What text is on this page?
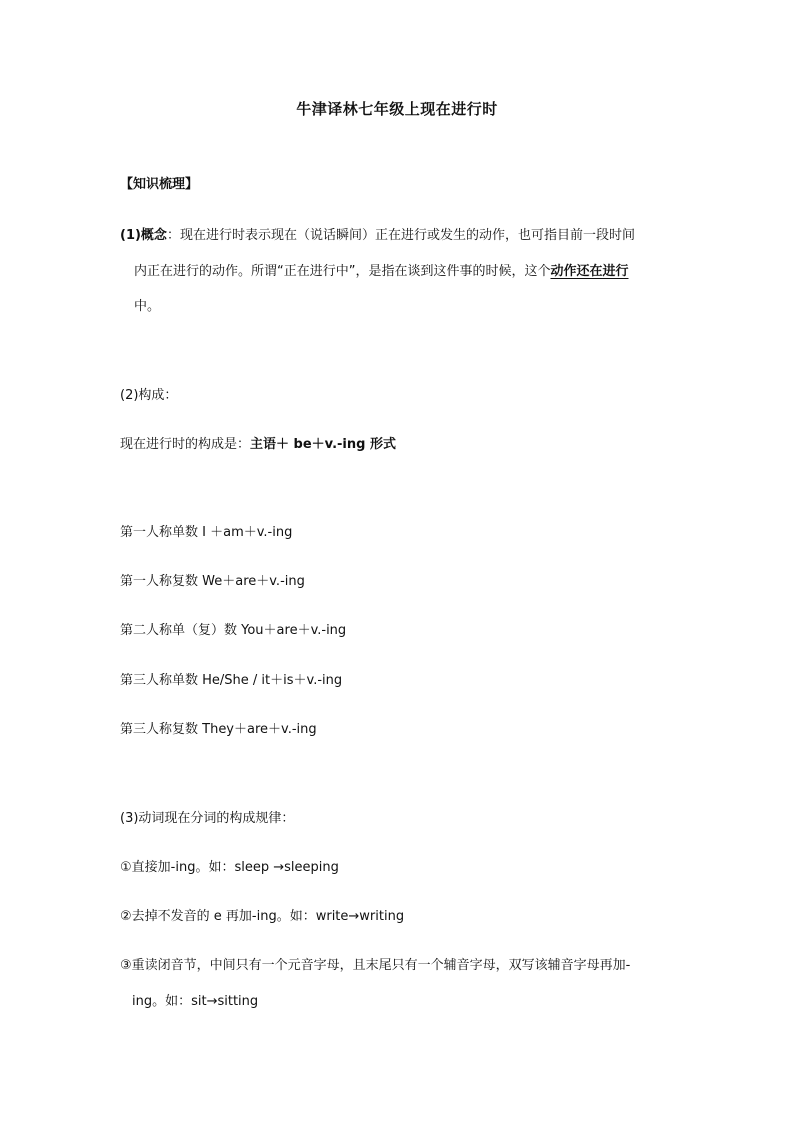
牛津译林七年级上现在进行时
【知识梳理】
(1)概念：现在进行时表示现在（说话瞬间）正在进行或发生的动作，也可指目前一段时间
内正在进行的动作。所谓“正在进行中”，是指在谈到这件事的时候，这个动作还在进行
中。
(2)构成：
现在进行时的构成是：主语＋ be＋v.-ing 形式
第一人称单数 I ＋am＋v.-ing
第一人称复数 We＋are＋v.-ing
第二人称单（复）数 You＋are＋v.-ing
第三人称单数 He/She / it＋is＋v.-ing
第三人称复数 They＋are＋v.-ing
(3)动词现在分词的构成规律：
①直接加-ing。如：sleep →sleeping
②去掉不发音的 e 再加-ing。如：write→writing
③重读闭音节，中间只有一个元音字母，且末尾只有一个辅音字母，双写该辅音字母再加-
ing。如：sit→sitting
